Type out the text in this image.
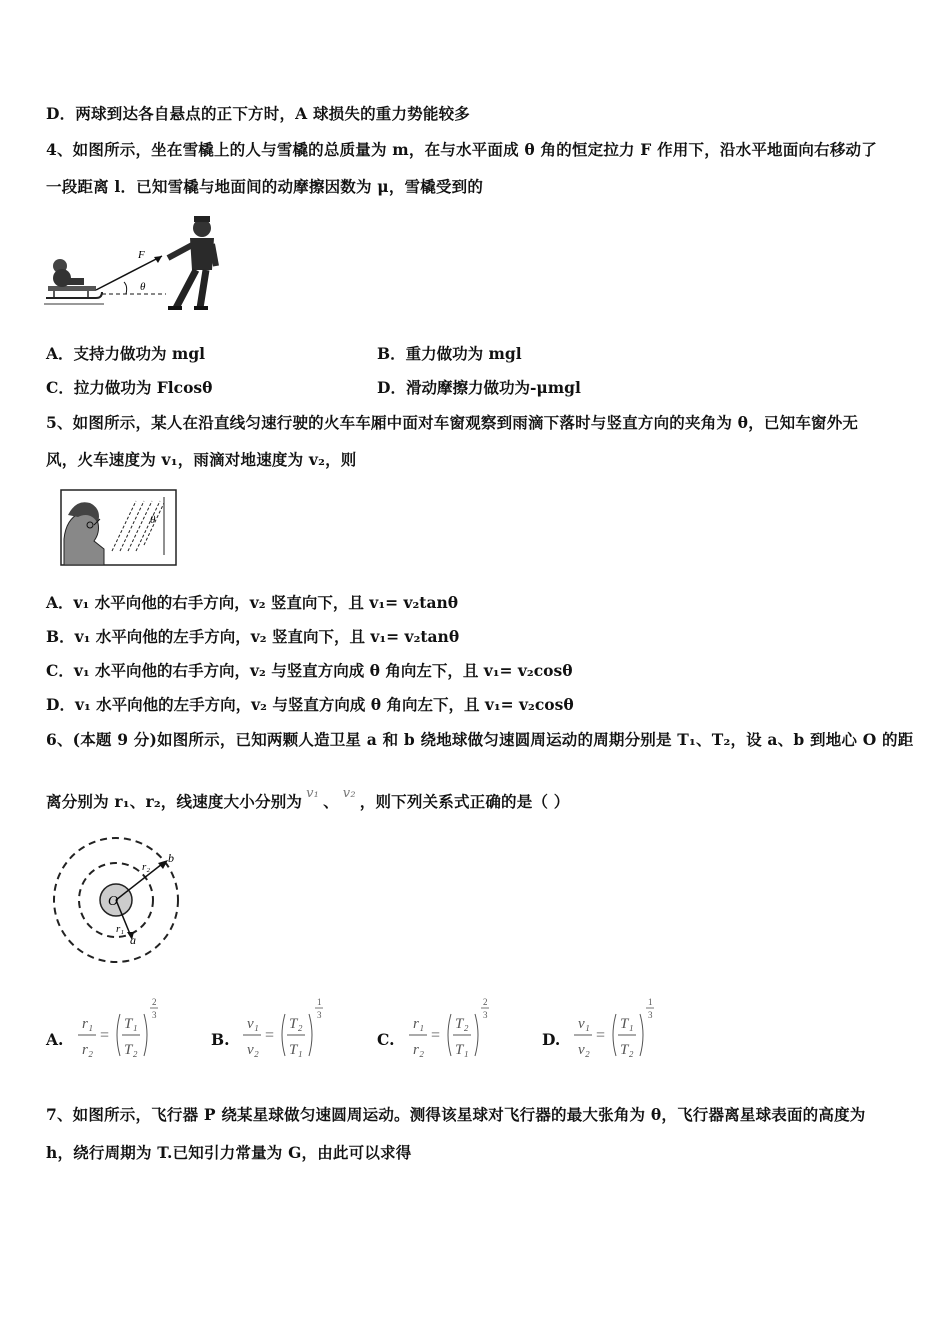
D．两球到达各自悬点的正下方时，A 球损失的重力势能较多
4、如图所示，坐在雪橇上的人与雪橇的总质量为 m，在与水平面成 θ 角的恒定拉力 F 作用下，沿水平地面向右移动了
一段距离 l．已知雪橇与地面间的动摩擦因数为 μ，雪橇受到的
F
θ
A．支持力做功为 mgl	B．重力做功为 mgl
C．拉力做功为 Flcosθ	D．滑动摩擦力做功为-μmgl
5、如图所示，某人在沿直线匀速行驶的火车车厢中面对车窗观察到雨滴下落时与竖直方向的夹角为 θ，已知车窗外无
风，火车速度为 v₁，雨滴对地速度为 v₂，则
θ
A．v₁ 水平向他的右手方向，v₂ 竖直向下，且 v₁= v₂tanθ
B．v₁ 水平向他的左手方向，v₂ 竖直向下，且 v₁= v₂tanθ
C．v₁ 水平向他的右手方向，v₂ 与竖直方向成 θ 角向左下，且 v₁= v₂cosθ
D．v₁ 水平向他的左手方向，v₂ 与竖直方向成 θ 角向左下，且 v₁= v₂cosθ
6、(本题 9 分)如图所示，已知两颗人造卫星 a 和 b 绕地球做匀速圆周运动的周期分别是 T₁、T₂，设 a、b 到地心 O 的距
离分别为 r₁、r₂，线速度大小分别为 $^{v_1}$ 、 $^{v_2}$ ，则下列关系式正确的是（ ）
O
r₂
b
r₁
a
A.
r₁
r₂
=
T₁
T₂
2
3
B.
v₁
v₂
=
T₂
T₁
1
3
C.
r₁
r₂
=
T₂
T₁
2
3
D.
v₁
v₂
=
T₁
T₂
1
3
7、如图所示，飞行器 P 绕某星球做匀速圆周运动。测得该星球对飞行器的最大张角为 θ，飞行器离星球表面的高度为
h，绕行周期为 T.已知引力常量为 G，由此可以求得
